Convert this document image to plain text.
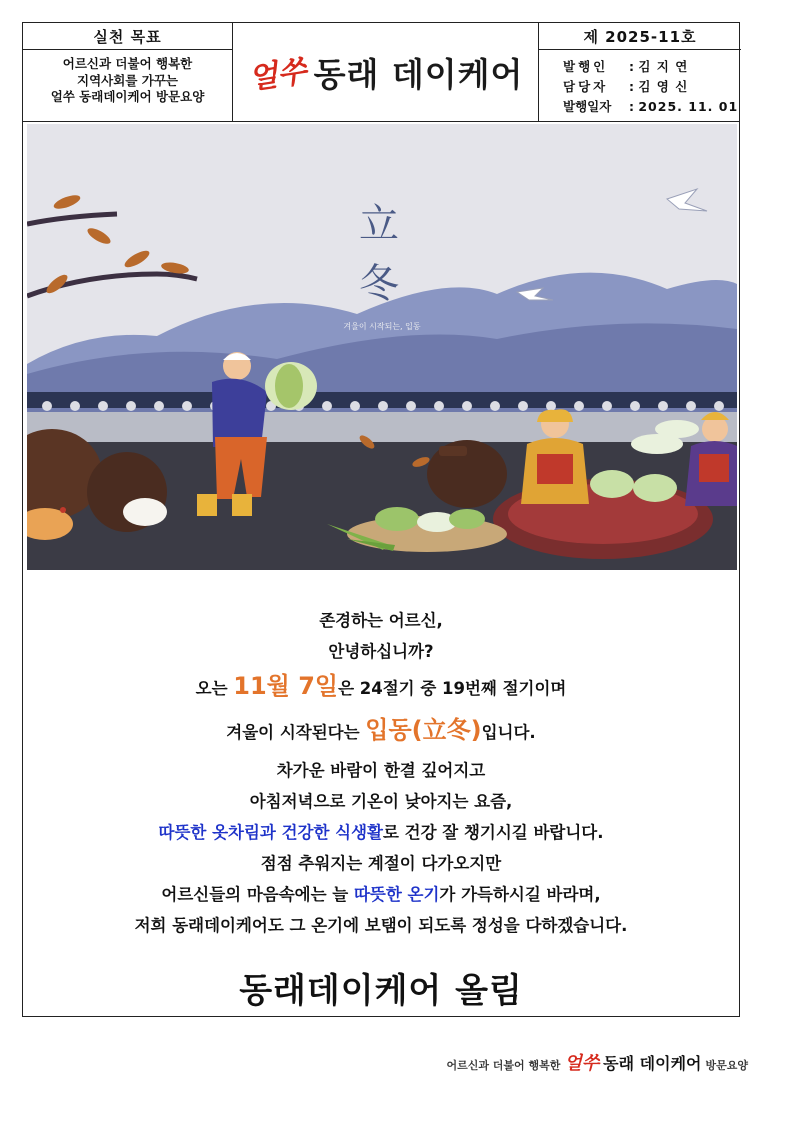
실천 목표
어르신과 더불어 행복한
지역사회를 가꾸는
얼쑤 동래데이케어 방문요양	얼쑤 동래 데이케어
제 2025-11호
발행인	:
김 지 연
담당자	:
김 영 신
발행일자	:
2025. 11. 01
立
冬
겨울이 시작되는, 입동
존경하는 어르신,
안녕하십니까?
오는 11월 7일은 24절기 중 19번째 절기이며
겨울이 시작된다는 입동(立冬)입니다.
차가운 바람이 한결 깊어지고
아침저녁으로 기온이 낮아지는 요즘,
따뜻한 옷차림과 건강한 식생활로 건강 잘 챙기시길 바랍니다.
점점 추워지는 계절이 다가오지만
어르신들의 마음속에는 늘 따뜻한 온기가 가득하시길 바라며,
저희 동래데이케어도 그 온기에 보탬이 되도록 정성을 다하겠습니다.
동래데이케어 올림
어르신과 더불어 행복한 얼쑤 동래 데이케어 방문요양
